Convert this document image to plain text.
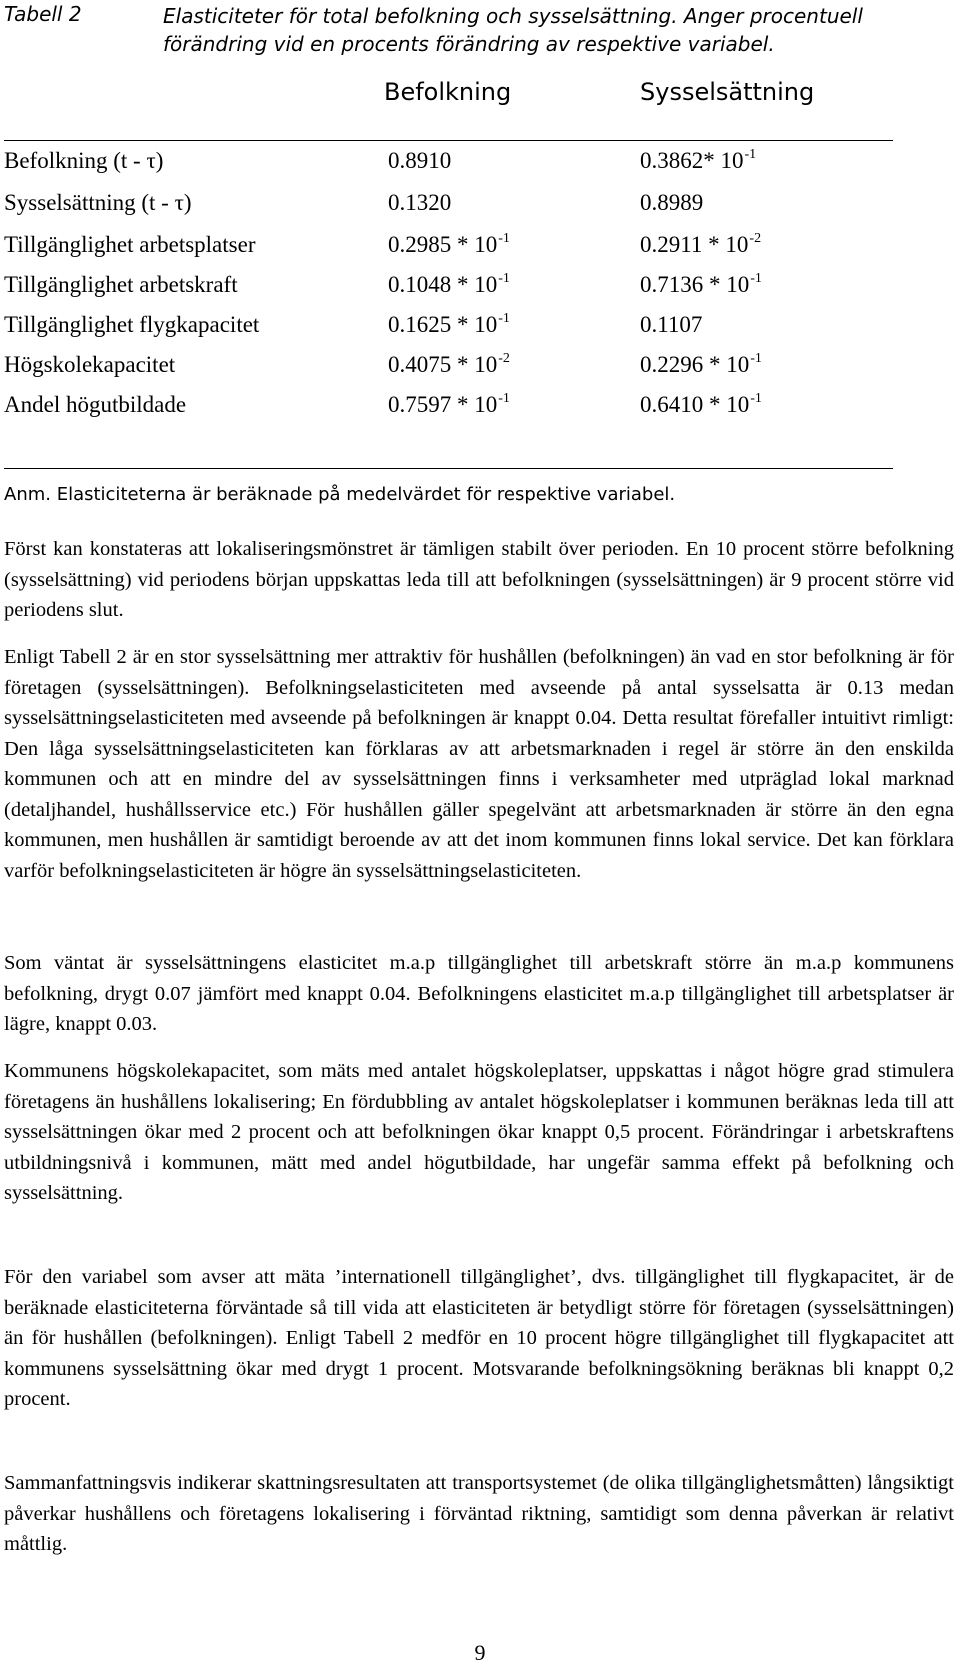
Tabell 2	Elasticiteter för total befolkning och sysselsättning. Anger procentuell förändring vid en procents förändring av respektive variabel.
Befolkning	Sysselsättning
Befolkning (t - τ)	0.8910	0.3862* $10^{-1}$
Sysselsättning (t - τ)	0.1320	0.8989
Tillgänglighet arbetsplatser	$0.2985 * 10^{-1}$	$0.2911 * 10^{-2}$
Tillgänglighet arbetskraft	$0.1048 * 10^{-1}$	$0.7136 * 10^{-1}$
Tillgänglighet flygkapacitet	$0.1625 * 10^{-1}$	0.1107
Högskolekapacitet	$0.4075 * 10^{-2}$	$0.2296 * 10^{-1}$
Andel högutbildade	$0.7597 * 10^{-1}$	$0.6410 * 10^{-1}$
Anm. Elasticiteterna är beräknade på medelvärdet för respektive variabel.

Först kan konstateras att lokaliseringsmönstret är tämligen stabilt över perioden. En 10 procent större befolkning (sysselsättning) vid periodens början uppskattas leda till att befolkningen (sysselsättningen) är 9 procent större vid periodens slut.

Enligt Tabell 2 är en stor sysselsättning mer attraktiv för hushållen (befolkningen) än vad en stor befolkning är för företagen (sysselsättningen). Befolkningselasticiteten med avseende på antal sysselsatta är 0.13 medan sysselsättningselasticiteten med avseende på befolkningen är knappt 0.04. Detta resultat förefaller intuitivt rimligt: Den låga sysselsättningselasticiteten kan förklaras av att arbetsmarknaden i regel är större än den enskilda kommunen och att en mindre del av sysselsättningen finns i verksamheter med utpräglad lokal marknad (detaljhandel, hushållsservice etc.) För hushållen gäller spegelvänt att arbetsmarknaden är större än den egna kommunen, men hushållen är samtidigt beroende av att det inom kommunen finns lokal service. Det kan förklara varför befolkningselasticiteten är högre än sysselsättningselasticiteten.

Som väntat är sysselsättningens elasticitet m.a.p tillgänglighet till arbetskraft större än m.a.p kommunens befolkning, drygt 0.07 jämfört med knappt 0.04. Befolkningens elasticitet m.a.p tillgänglighet till arbetsplatser är lägre, knappt 0.03.

Kommunens högskolekapacitet, som mäts med antalet högskoleplatser, uppskattas i något högre grad stimulera företagens än hushållens lokalisering; En fördubbling av antalet högskoleplatser i kommunen beräknas leda till att sysselsättningen ökar med 2 procent och att befolkningen ökar knappt 0,5 procent. Förändringar i arbetskraftens utbildningsnivå i kommunen, mätt med andel högutbildade, har ungefär samma effekt på befolkning och sysselsättning.

För den variabel som avser att mäta ’internationell tillgänglighet’, dvs. tillgänglighet till flygkapacitet, är de beräknade elasticiteterna förväntade så till vida att elasticiteten är betydligt större för företagen (sysselsättningen) än för hushållen (befolkningen). Enligt Tabell 2 medför en 10 procent högre tillgänglighet till flygkapacitet att kommunens sysselsättning ökar med drygt 1 procent. Motsvarande befolkningsökning beräknas bli knappt 0,2 procent.

Sammanfattningsvis indikerar skattningsresultaten att transportsystemet (de olika tillgänglighetsmåtten) långsiktigt påverkar hushållens och företagens lokalisering i förväntad riktning, samtidigt som denna påverkan är relativt måttlig.

9
